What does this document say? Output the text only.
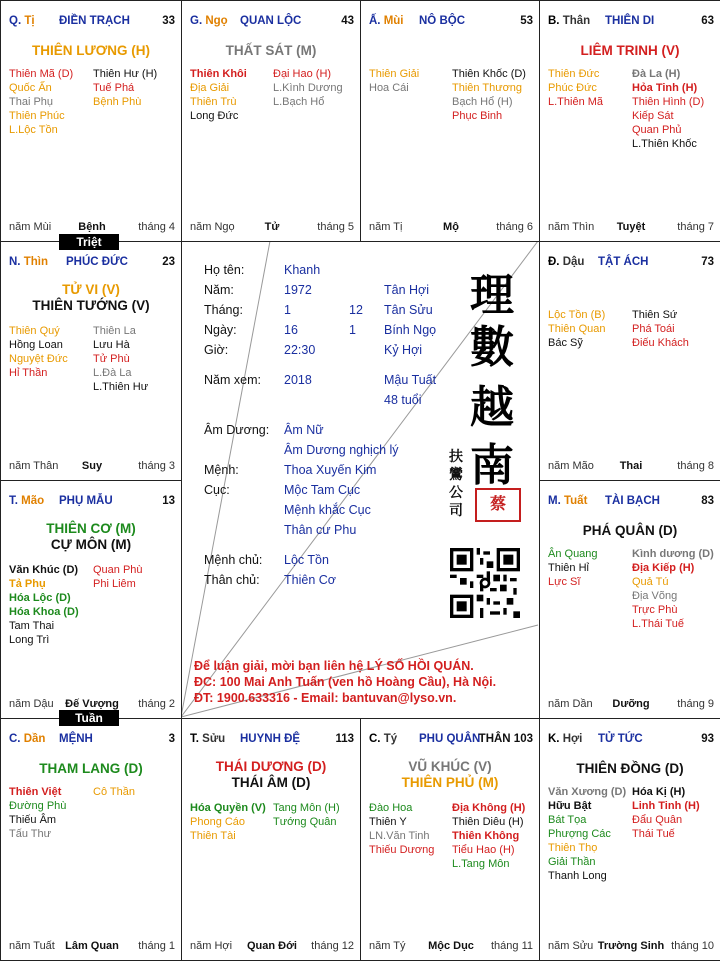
Họ tên:	Khanh
Năm:	1972	Tân Hợi
Tháng:	1	12 Tân Sửu
Ngày:	16	1 Bính Ngọ
Giờ:	22:30	Kỷ Hợi
Năm xem: 2018	Mậu Tuất
48 tuổi
Âm Dương: Âm Nữ
Âm Dương nghịch lý
Mệnh:	Thoa Xuyến Kim
Cục:	Mộc Tam Cục
Mệnh khắc Cục
Thân cư Phu
Mệnh chủ: Lộc Tồn
Thân chủ: Thiên Cơ
理
數
越
南
蔡
扶
鸞
公
司
Để luận giải, mời bạn liên hệ LÝ SỐ HỒI QUÁN.
ĐC: 100 Mai Anh Tuấn (ven hồ Hoàng Cầu), Hà Nội.
ĐT: 1900.633316 - Email: bantuvan@lyso.vn.
Q. Tị ĐIỀN TRẠCH	33
THIÊN LƯƠNG (H)
Thiên Mã (D)
Quốc Ấn
Thai Phụ
Thiên Phúc
L.Lộc Tồn
Thiên Hư (H)
Tuế Phá
Bệnh Phù
năm Mùi Bệnh	tháng 4
G. Ngọ QUAN LỘC	43
THẤT SÁT (M)
Thiên Khôi
Địa Giải
Thiên Trù
Long Đức
Đại Hao (H)
L.Kình Dương
L.Bạch Hổ
năm Ngọ	Tử	tháng 5
Ấ. Mùi NÔ BỘC	53
Thiên Giải
Hoa Cái
Thiên Khốc (D)
Thiên Thương
Bạch Hổ (H)
Phục Binh
năm Tị	Mộ	tháng 6
B. Thân THIÊN DI	63
LIÊM TRINH (V)
Thiên Đức
Phúc Đức
L.Thiên Mã
Đà La (H)
Hỏa Tinh (H)
Thiên Hình (D)
Kiếp Sát
Quan Phủ
L.Thiên Khốc
năm Thìn Tuyệt	tháng 7
Đ. Dậu TẬT ÁCH	73
Lộc Tồn (B)
Thiên Quan
Bác Sỹ
Thiên Sứ
Phá Toái
Điếu Khách
năm Mão Thai	tháng 8
M. Tuất TÀI BẠCH	83
PHÁ QUÂN (D)
Ân Quang
Thiên Hỉ
Lực Sĩ
Kình dương (D)
Địa Kiếp (H)
Quả Tú
Địa Võng
Trực Phù
L.Thái Tuế
năm Dần Dưỡng	tháng 9
K. Hợi TỬ TỨC	93
THIÊN ĐỒNG (D)
Văn Xương (D)
Hữu Bật
Bát Tọa
Phượng Các
Thiên Thọ
Giải Thần
Thanh Long
Hóa Kị (H)
Linh Tinh (H)
Đẩu Quân
Thái Tuế
năm Sửu Trường Sinh tháng 10
C. Tý PHU QUÂN
THÂN 103
VŨ KHÚC (V)
THIÊN PHỦ (M)
Đào Hoa
Thiên Y
LN.Văn Tinh
Thiếu Dương
Địa Không (H)
Thiên Diêu (H)
Thiên Không
Tiểu Hao (H)
L.Tang Môn
năm Tý Mộc Dục tháng 11
T. Sửu HUYNH ĐỆ	113
THÁI DƯƠNG (D)
THÁI ÂM (D)
Hóa Quyền (V)
Phong Cáo
Thiên Tài
Tang Môn (H)
Tướng Quân
năm Hợi Quan Đới tháng 12
C. Dần MỆNH	3
THAM LANG (D)
Thiên Việt
Đường Phù
Thiếu Âm
Tấu Thư
Cô Thần
năm Tuất Lâm Quan tháng 1
T. Mão PHỤ MẪU	13
THIÊN CƠ (M)
CỰ MÔN (M)
Văn Khúc (D)
Tả Phụ
Hóa Lộc (D)
Hóa Khoa (D)
Tam Thai
Long Trì
Quan Phù
Phi Liêm
năm Dậu Đế Vượng tháng 2
N. Thìn PHÚC ĐỨC	23
TỬ VI (V)
THIÊN TƯỚNG (V)
Thiên Quý
Hồng Loan
Nguyệt Đức
Hỉ Thần
Thiên La
Lưu Hà
Tử Phù
L.Đà La
L.Thiên Hư
năm Thân Suy	tháng 3
Triệt
Tuần
